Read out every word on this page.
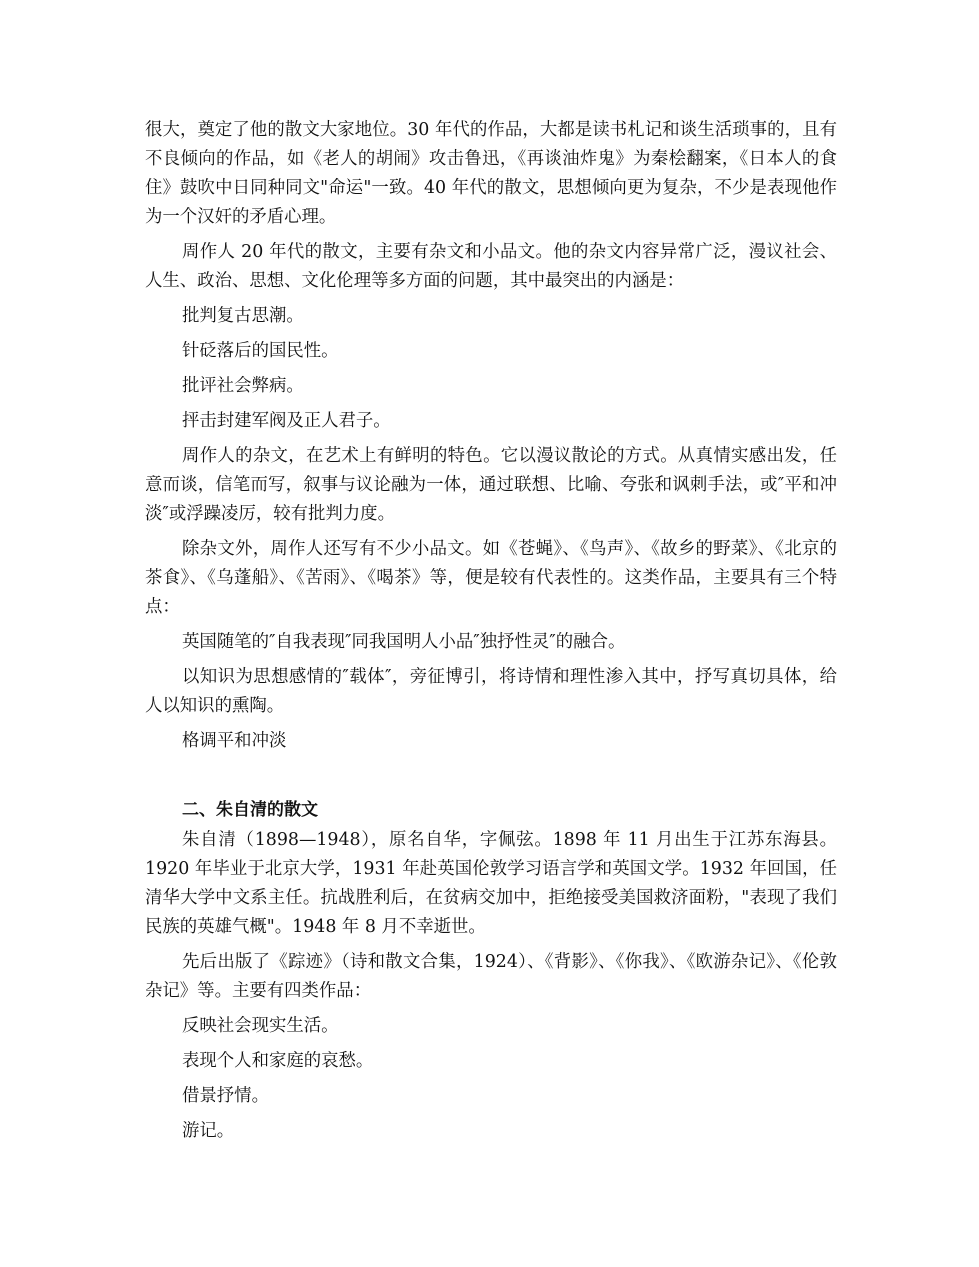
很大，奠定了他的散文大家地位。30 年代的作品，大都是读书札记和谈生活琐事的，且有不良倾向的作品，如《老人的胡闹》攻击鲁迅，《再谈油炸鬼》为秦桧翻案，《日本人的食住》鼓吹中日同种同文"命运"一致。40 年代的散文，思想倾向更为复杂，不少是表现他作为一个汉奸的矛盾心理。

周作人 20 年代的散文，主要有杂文和小品文。他的杂文内容异常广泛，漫议社会、人生、政治、思想、文化伦理等多方面的问题，其中最突出的内涵是：

批判复古思潮。

针砭落后的国民性。

批评社会弊病。

抨击封建军阀及正人君子。

周作人的杂文，在艺术上有鲜明的特色。它以漫议散论的方式。从真情实感出发，任意而谈，信笔而写，叙事与议论融为一体，通过联想、比喻、夸张和讽刺手法，或″平和冲淡″或浮躁凌厉，较有批判力度。

除杂文外，周作人还写有不少小品文。如《苍蝇》、《鸟声》、《故乡的野菜》、《北京的茶食》、《乌蓬船》、《苦雨》、《喝茶》等，便是较有代表性的。这类作品，主要具有三个特点：

英国随笔的″自我表现″同我国明人小品″独抒性灵″的融合。

以知识为思想感情的″载体″，旁征博引，将诗情和理性渗入其中，抒写真切具体，给人以知识的熏陶。

格调平和冲淡

二、朱自清的散文

朱自清（1898—1948），原名自华，字佩弦。1898 年 11 月出生于江苏东海县。1920 年毕业于北京大学，1931 年赴英国伦敦学习语言学和英国文学。1932 年回国，任清华大学中文系主任。抗战胜利后，在贫病交加中，拒绝接受美国救济面粉，"表现了我们民族的英雄气概"。1948 年 8 月不幸逝世。

先后出版了《踪迹》（诗和散文合集，1924）、《背影》、《你我》、《欧游杂记》、《伦敦杂记》等。主要有四类作品：

反映社会现实生活。

表现个人和家庭的哀愁。

借景抒情。

游记。
